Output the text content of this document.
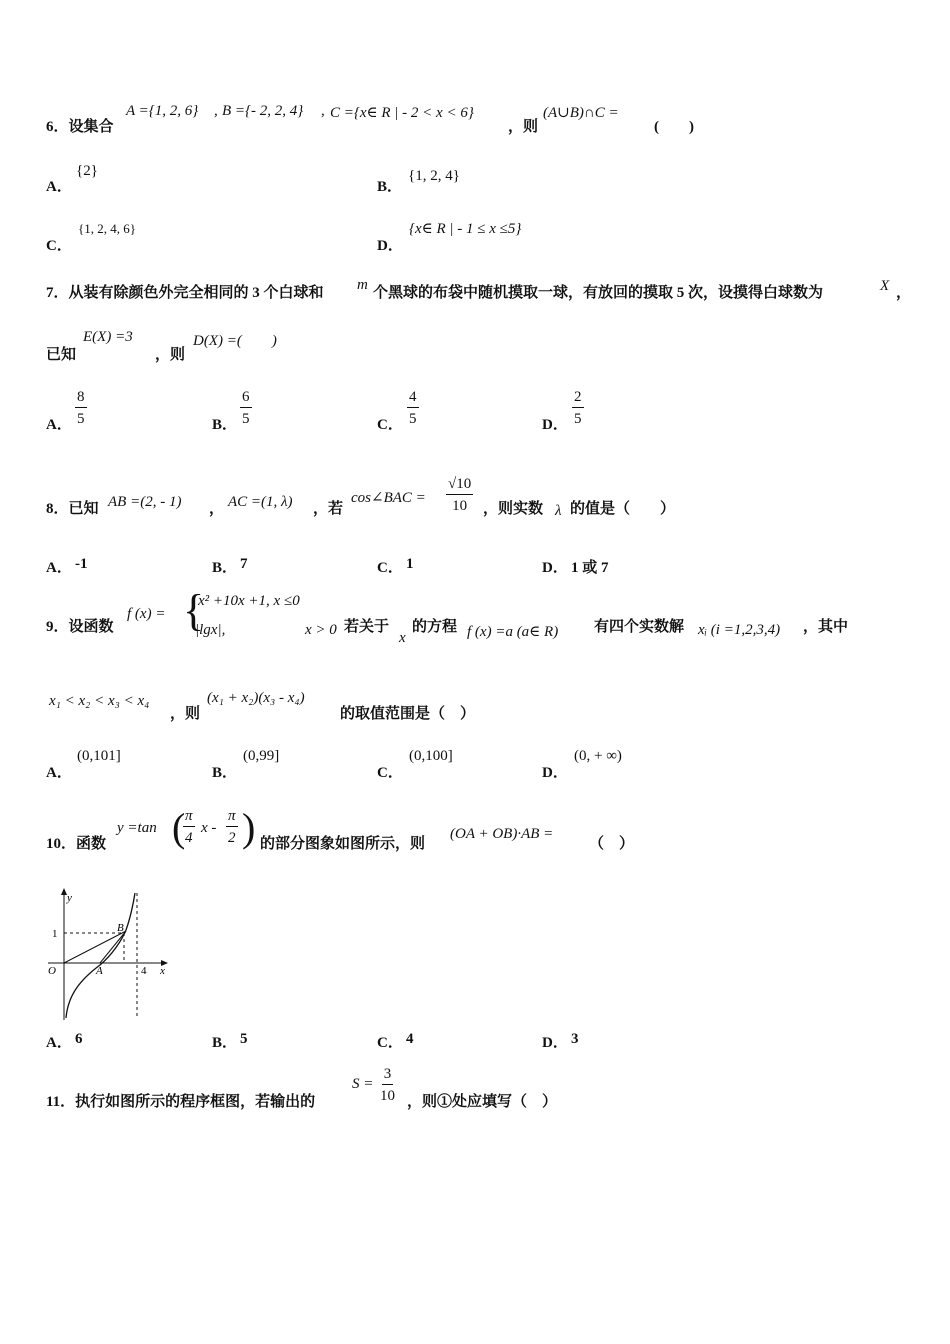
6．设集合
A ={1, 2, 6} , B ={- 2, 2, 4} , C ={x∈ R | - 2 < x < 6}
，则
(A∪B)∩C =
(　　)
A．
{2}
B．
{1, 2, 4}
C．
{1, 2, 4, 6}
D．
{x∈ R | - 1 ≤ x ≤5}
7．从装有除颜色外完全相同的 3 个白球和 m 个黑球的布袋中随机摸取一球，有放回的摸取 5 次，设摸得白球数为	X ，
已知
E(X) =3
，则
D(X) =(　　)
A． $\frac{8}{5}$	B． $\frac{6}{5}$	C． $\frac{4}{5}$	D． $\frac{2}{5}$
8．已知 AB =(2, - 1) ， AC =(1, λ) ，若
cos∠BAC = $\frac{√10}{10}$ ，则实数 λ 的值是（　　）
A． -1	B． 7	C． 1	D． 1 或 7
9．设函数
f (x) = {
x² +10x +1, x ≤0
|lgx|,	x > 0 若关于
x
的方程 f (x) =a (a∈ R) 有四个实数解 xᵢ (i =1,2,3,4) ，其中
x₁ < x₂ < x₃ < x₄
，则
(x₁ + x₂)(x₃ - x₄)
的取值范围是（　）
A．
(0,101]
B．
(0,99]
C．
(0,100]
D．
(0, + ∞)
10．函数
y =tan (
$\frac{\pi}{4}$ x - $\frac{\pi}{2}$ ) 的部分图象如图所示，则
(OA + OB)·AB =
（　）
y
x
1
4
O	A
B
A． 6	B． 5	C． 4	D． 3
11．执行如图所示的程序框图，若输出的
$S = \frac{3}{10}$ ，则①处应填写（　）
